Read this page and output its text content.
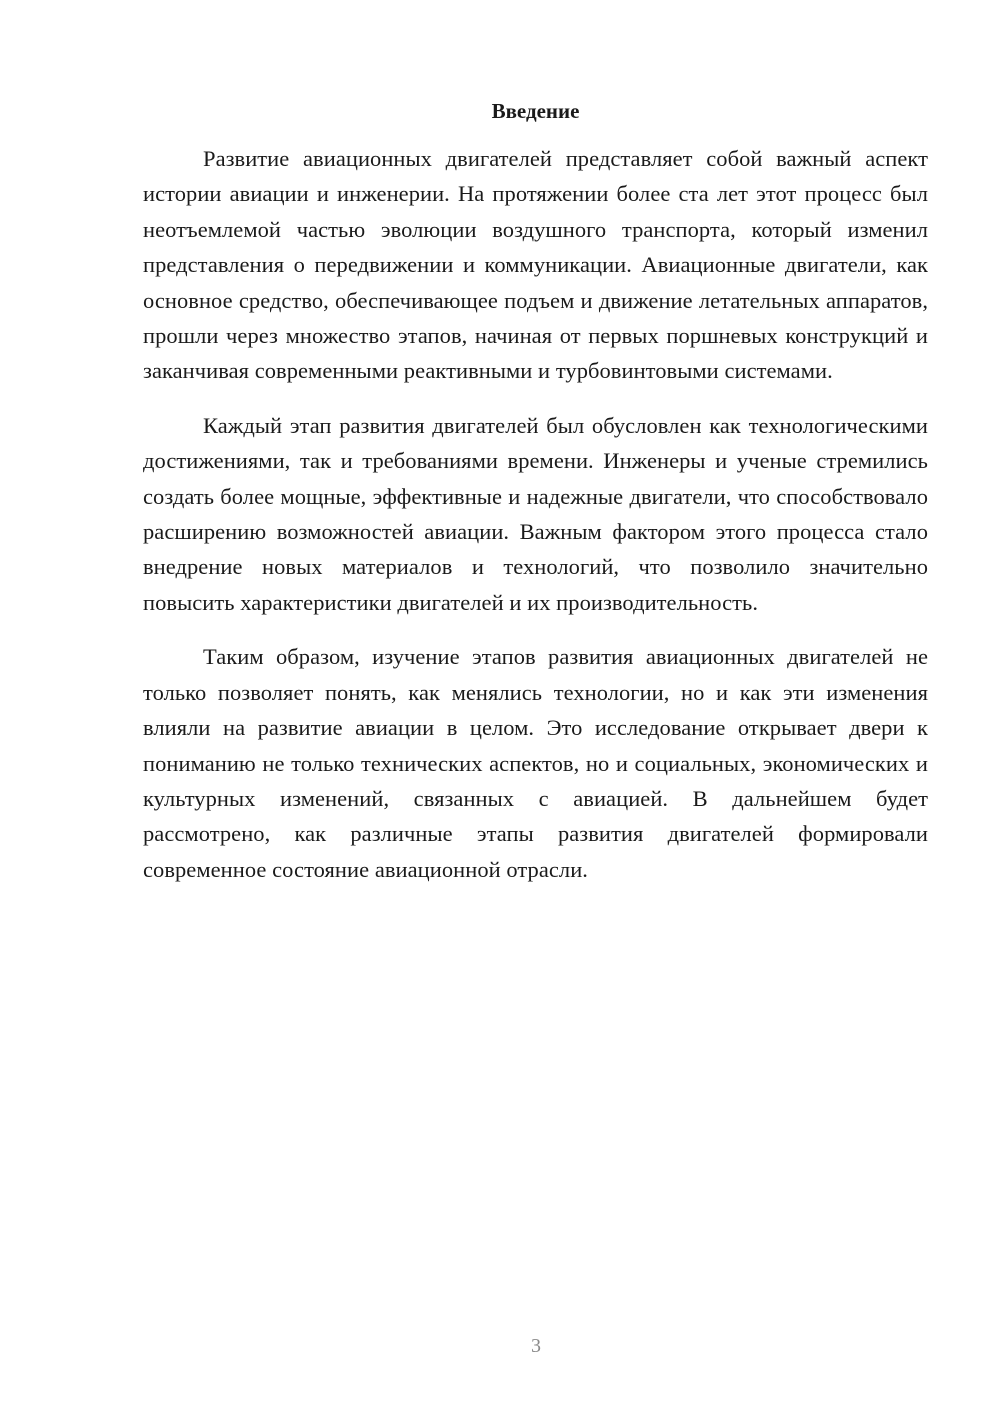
Введение

Развитие авиационных двигателей представляет собой важный аспект истории авиации и инженерии. На протяжении более ста лет этот процесс был неотъемлемой частью эволюции воздушного транспорта, который изменил представления о передвижении и коммуникации. Авиационные двигатели, как основное средство, обеспечивающее подъем и движение летательных аппаратов, прошли через множество этапов, начиная от первых поршневых конструкций и заканчивая современными реактивными и турбовинтовыми системами.

Каждый этап развития двигателей был обусловлен как технологическими достижениями, так и требованиями времени. Инженеры и ученые стремились создать более мощные, эффективные и надежные двигатели, что способствовало расширению возможностей авиации. Важным фактором этого процесса стало внедрение новых материалов и технологий, что позволило значительно повысить характеристики двигателей и их производительность.

Таким образом, изучение этапов развития авиационных двигателей не только позволяет понять, как менялись технологии, но и как эти изменения влияли на развитие авиации в целом. Это исследование открывает двери к пониманию не только технических аспектов, но и социальных, экономических и культурных изменений, связанных с авиацией. В дальнейшем будет рассмотрено, как различные этапы развития двигателей формировали современное состояние авиационной отрасли.

3
